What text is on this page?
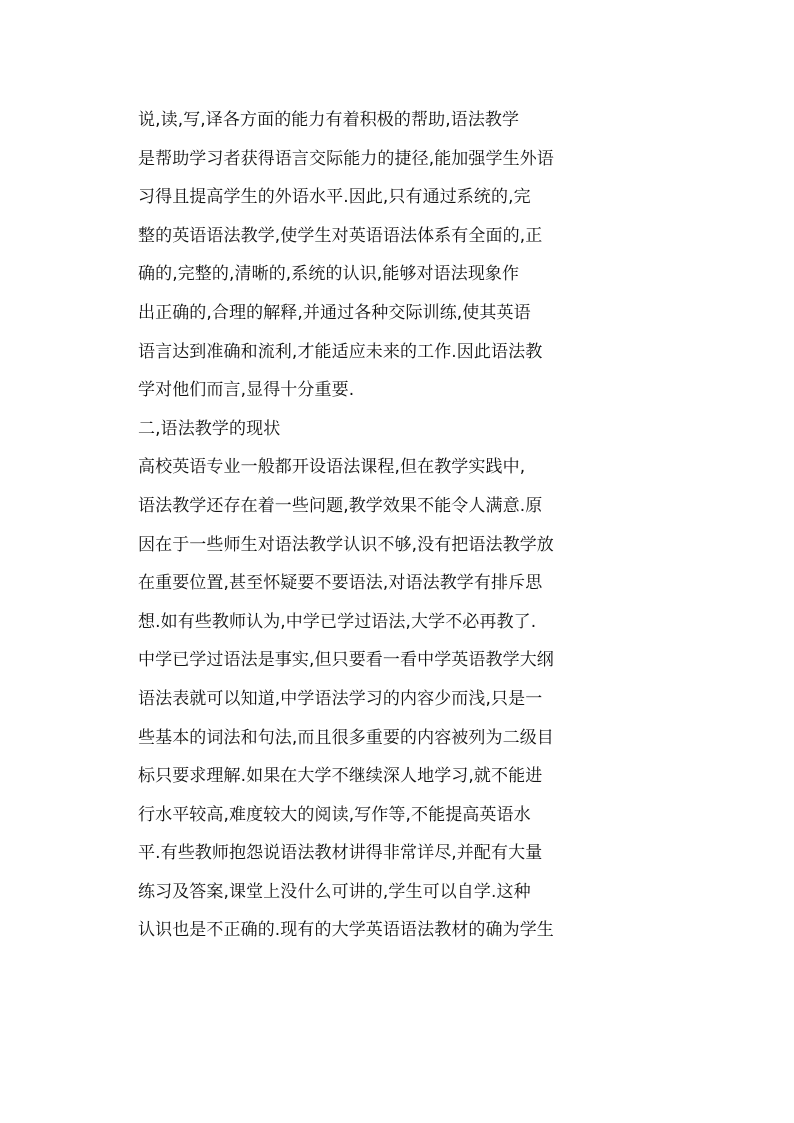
说,读,写,译各方面的能力有着积极的帮助,语法教学
是帮助学习者获得语言交际能力的捷径,能加强学生外语
习得且提高学生的外语水平.因此,只有通过系统的,完
整的英语语法教学,使学生对英语语法体系有全面的,正
确的,完整的,清晰的,系统的认识,能够对语法现象作
出正确的,合理的解释,并通过各种交际训练,使其英语
语言达到准确和流利,才能适应未来的工作.因此语法教
学对他们而言,显得十分重要.
二,语法教学的现状
高校英语专业一般都开设语法课程,但在教学实践中,
语法教学还存在着一些问题,教学效果不能令人满意.原
因在于一些师生对语法教学认识不够,没有把语法教学放
在重要位置,甚至怀疑要不要语法,对语法教学有排斥思
想.如有些教师认为,中学已学过语法,大学不必再教了.
中学已学过语法是事实,但只要看一看中学英语教学大纲
语法表就可以知道,中学语法学习的内容少而浅,只是一
些基本的词法和句法,而且很多重要的内容被列为二级目
标只要求理解.如果在大学不继续深人地学习,就不能进
行水平较高,难度较大的阅读,写作等,不能提高英语水
平.有些教师抱怨说语法教材讲得非常详尽,并配有大量
练习及答案,课堂上没什么可讲的,学生可以自学.这种
认识也是不正确的.现有的大学英语语法教材的确为学生
